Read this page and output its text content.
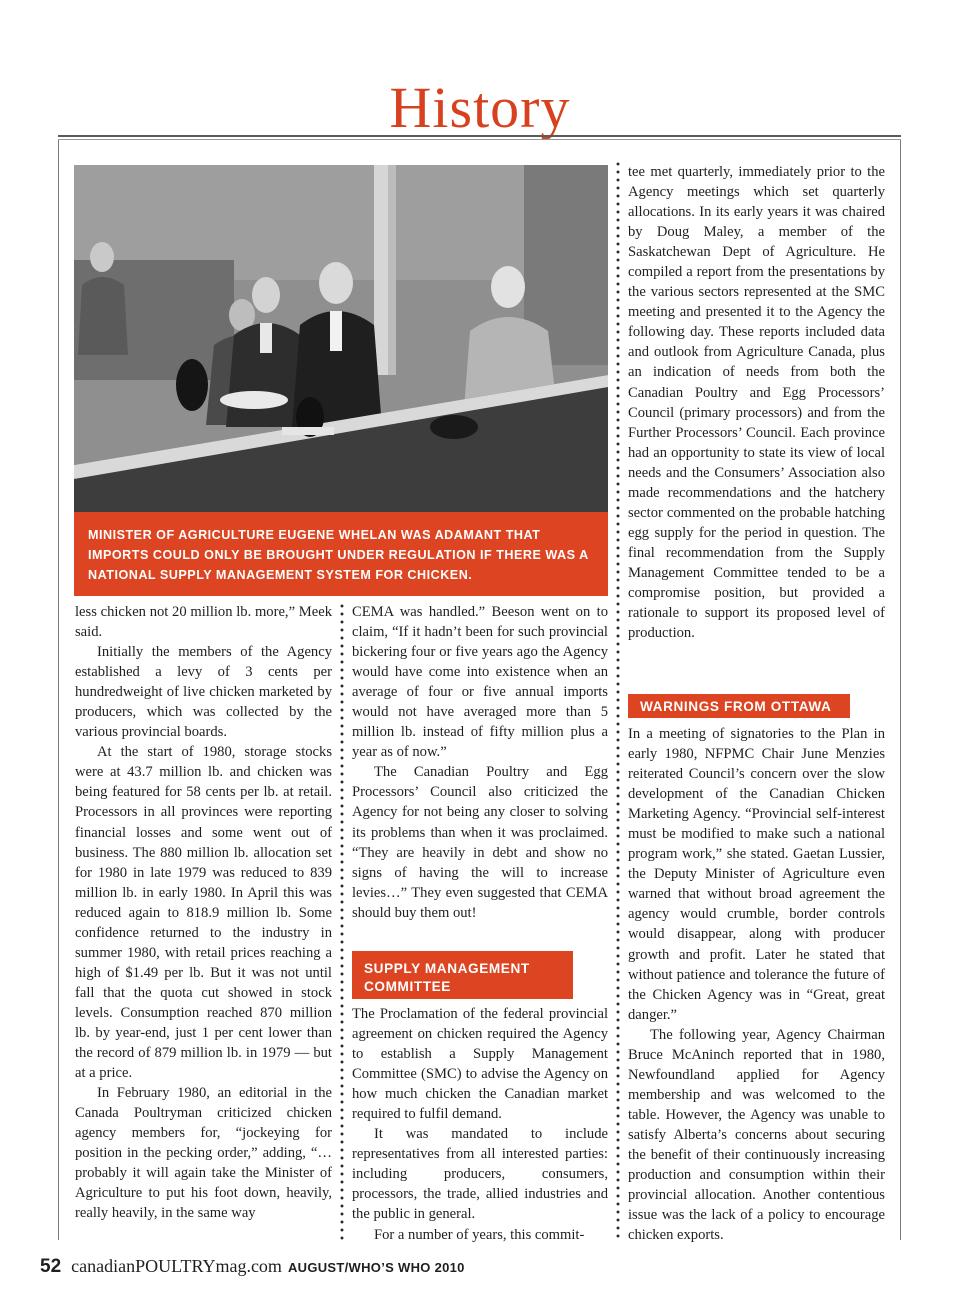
History
MINISTER OF AGRICULTURE EUGENE WHELAN WAS ADAMANT THAT IMPORTS COULD ONLY BE BROUGHT UNDER REGULATION IF THERE WAS A NATIONAL SUPPLY MANAGEMENT SYSTEM FOR CHICKEN.

less chicken not 20 million lb. more,” Meek said.

Initially the members of the Agency established a levy of 3 cents per hundredweight of live chicken marketed by producers, which was collected by the various provincial boards.

At the start of 1980, storage stocks were at 43.7 million lb. and chicken was being featured for 58 cents per lb. at retail. Processors in all provinces were reporting financial losses and some went out of business. The 880 million lb. allocation set for 1980 in late 1979 was reduced to 839 million lb. in early 1980. In April this was reduced again to 818.9 million lb. Some confidence returned to the industry in summer 1980, with retail prices reaching a high of $1.49 per lb. But it was not until fall that the quota cut showed in stock levels. Consumption reached 870 million lb. by year-end, just 1 per cent lower than the record of 879 million lb. in 1979 — but at a price.

In February 1980, an editorial in the Canada Poultryman criticized chicken agency members for, “jockeying for position in the pecking order,” adding, “… probably it will again take the Minister of Agriculture to put his foot down, heavily, really heavily, in the same way

CEMA was handled.” Beeson went on to claim, “If it hadn’t been for such provincial bickering four or five years ago the Agency would have come into existence when an average of four or five annual imports would not have averaged more than 5 million lb. instead of fifty million plus a year as of now.”

The Canadian Poultry and Egg Processors’ Council also criticized the Agency for not being any closer to solving its problems than when it was proclaimed. “They are heavily in debt and show no signs of having the will to increase levies…” They even suggested that CEMA should buy them out!

SUPPLY MANAGEMENT COMMITTEE

The Proclamation of the federal provincial agreement on chicken required the Agency to establish a Supply Management Committee (SMC) to advise the Agency on how much chicken the Canadian market required to fulfil demand.

It was mandated to include representatives from all interested parties: including producers, consumers, processors, the trade, allied industries and the public in general.

For a number of years, this commit-

tee met quarterly, immediately prior to the Agency meetings which set quarterly allocations. In its early years it was chaired by Doug Maley, a member of the Saskatchewan Dept of Agriculture. He compiled a report from the presentations by the various sectors represented at the SMC meeting and presented it to the Agency the following day. These reports included data and outlook from Agriculture Canada, plus an indication of needs from both the Canadian Poultry and Egg Processors’ Council (primary processors) and from the Further Processors’ Council. Each province had an opportunity to state its view of local needs and the Consumers’ Association also made recommendations and the hatchery sector commented on the probable hatching egg supply for the period in question. The final recommendation from the Supply Management Committee tended to be a compromise position, but provided a rationale to support its proposed level of production.

WARNINGS FROM OTTAWA

In a meeting of signatories to the Plan in early 1980, NFPMC Chair June Menzies reiterated Council’s concern over the slow development of the Canadian Chicken Marketing Agency. “Provincial self-interest must be modified to make such a national program work,” she stated. Gaetan Lussier, the Deputy Minister of Agriculture even warned that without broad agreement the agency would crumble, border controls would disappear, along with producer growth and profit. Later he stated that without patience and tolerance the future of the Chicken Agency was in “Great, great danger.”

The following year, Agency Chairman Bruce McAninch reported that in 1980, Newfoundland applied for Agency membership and was welcomed to the table. However, the Agency was unable to satisfy Alberta’s concerns about securing the benefit of their continuously increasing production and consumption within their provincial allocation. Another contentious issue was the lack of a policy to encourage chicken exports.

52 canadianPOULTRYmag.com AUGUST/WHO’S WHO 2010
